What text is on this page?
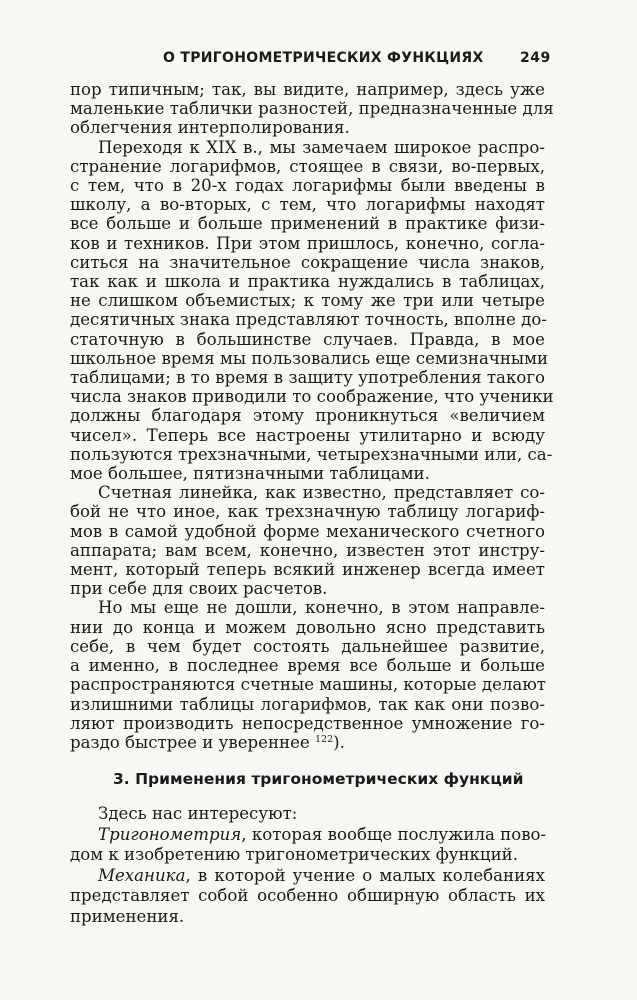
О ТРИГОНОМЕТРИЧЕСКИХ ФУНКЦИЯХ	249

пор типичным; так, вы видите, например, здесь уже
маленькие таблички разностей, предназначенные для
облегчения интерполирования.

Переходя к XIX в., мы замечаем широкое распро-
странение логарифмов, стоящее в связи, во-первых,
с тем, что в 20-х годах логарифмы были введены в
школу, а во-вторых, с тем, что логарифмы находят
все больше и больше применений в практике физи-
ков и техников. При этом пришлось, конечно, согла-
ситься на значительное сокращение числа знаков,
так как и школа и практика нуждались в таблицах,
не слишком объемистых; к тому же три или четыре
десятичных знака представляют точность, вполне до-
статочную в большинстве случаев. Правда, в мое
школьное время мы пользовались еще семизначными
таблицами; в то время в защиту употребления такого
числа знаков приводили то соображение, что ученики
должны благодаря этому проникнуться «величием
чисел». Теперь все настроены утилитарно и всюду
пользуются трехзначными, четырехзначными или, са-
мое большее, пятизначными таблицами.

Счетная линейка, как известно, представляет со-
бой не что иное, как трехзначную таблицу логариф-
мов в самой удобной форме механического счетного
аппарата; вам всем, конечно, известен этот инстру-
мент, который теперь всякий инженер всегда имеет
при себе для своих расчетов.

Но мы еще не дошли, конечно, в этом направле-
нии до конца и можем довольно ясно представить
себе, в чем будет состоять дальнейшее развитие,
а именно, в последнее время все больше и больше
распространяются счетные машины, которые делают
излишними таблицы логарифмов, так как они позво-
ляют производить непосредственное умножение го-
раздо быстрее и увереннее $^{122}$).

3. Применения тригонометрических функций

Здесь нас интересуют:

Тригонометрия, которая вообще послужила пово-
дом к изобретению тригонометрических функций.

Механика, в которой учение о малых колебаниях
представляет собой особенно обширную область их
применения.
